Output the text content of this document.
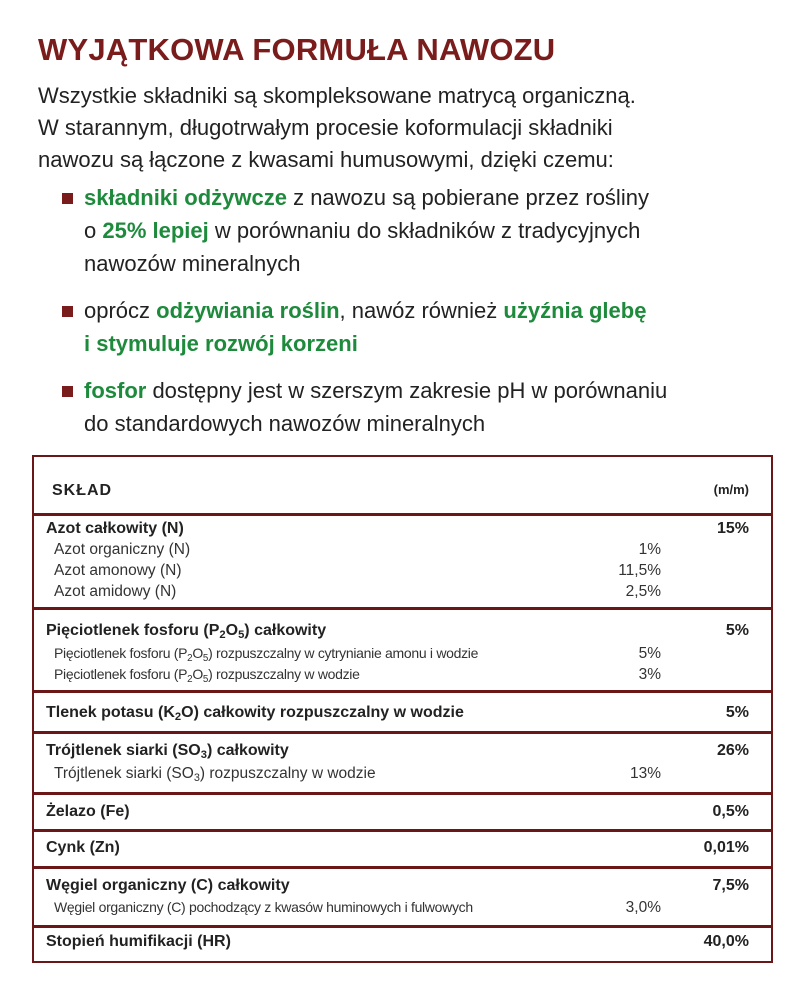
WYJĄTKOWA FORMUŁA NAWOZU
Wszystkie składniki są skompleksowane matrycą organiczną.
W starannym, długotrwałym procesie koformulacji składniki
nawozu są łączone z kwasami humusowymi, dzięki czemu:
składniki odżywcze z nawozu są pobierane przez rośliny
o 25% lepiej w porównaniu do składników z tradycyjnych
nawozów mineralnych
oprócz odżywiania roślin, nawóz również użyźnia glebę
i stymuluje rozwój korzeni
fosfor dostępny jest w szerszym zakresie pH w porównaniu
do standardowych nawozów mineralnych
SKŁAD	(m/m)
Azot całkowity (N)	15%
Azot organiczny (N)	1%
Azot amonowy (N)	11,5%
Azot amidowy (N)	2,5%
Pięciotlenek fosforu $(P_2O_5)$ całkowity	5%
Pięciotlenek fosforu $(P_2O_5)$ rozpuszczalny w cytrynianie amonu i wodzie	5%
Pięciotlenek fosforu $(P_2O_5)$ rozpuszczalny w wodzie	3%
Tlenek potasu $(K_2O)$ całkowity rozpuszczalny w wodzie	5%
Trójtlenek siarki $(SO_3)$ całkowity	26%
Trójtlenek siarki $(SO_3)$ rozpuszczalny w wodzie	13%
Żelazo (Fe)	0,5%
Cynk (Zn)	0,01%
Węgiel organiczny (C) całkowity	7,5%
Węgiel organiczny (C) pochodzący z kwasów huminowych i fulwowych	3,0%
Stopień humifikacji (HR)	40,0%
